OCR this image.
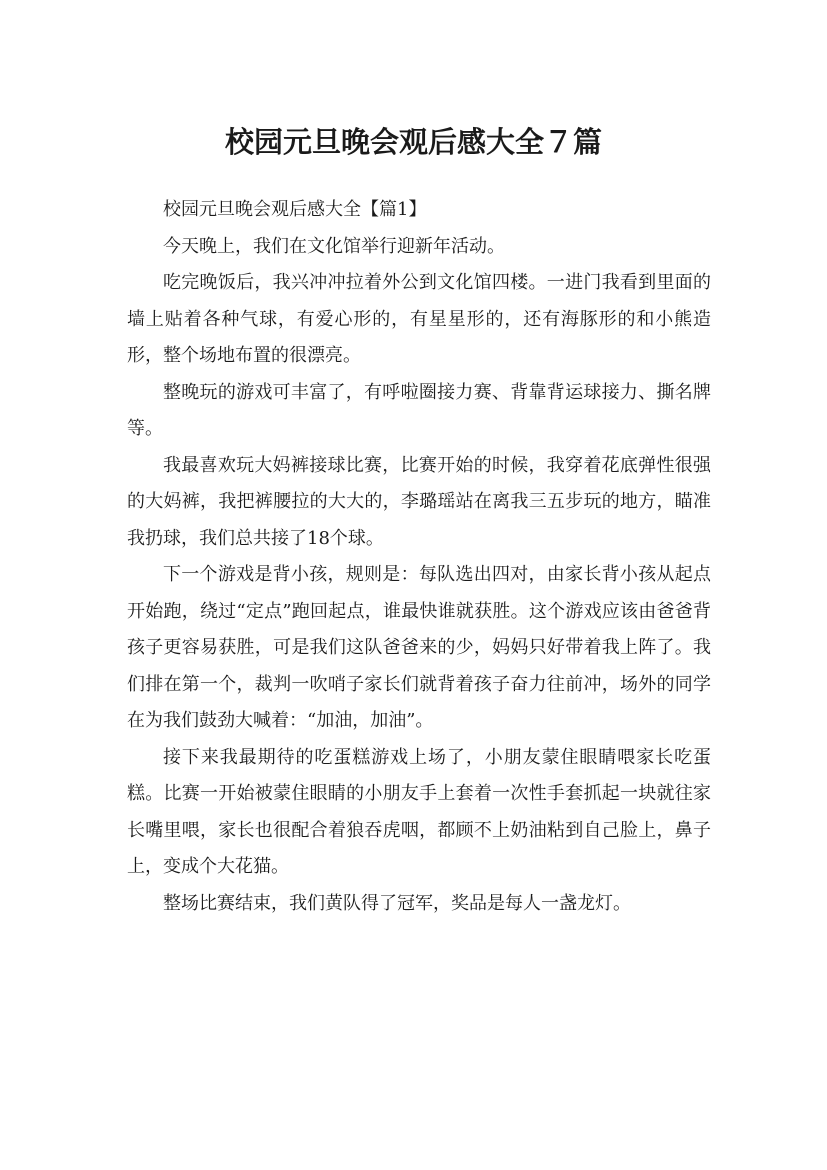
校园元旦晚会观后感大全７篇

校园元旦晚会观后感大全【篇1】

今天晚上，我们在文化馆举行迎新年活动。

吃完晚饭后，我兴冲冲拉着外公到文化馆四楼。一进门我看到里面的墙上贴着各种气球，有爱心形的，有星星形的，还有海豚形的和小熊造形，整个场地布置的很漂亮。

整晚玩的游戏可丰富了，有呼啦圈接力赛、背靠背运球接力、撕名牌等。

我最喜欢玩大妈裤接球比赛，比赛开始的时候，我穿着花底弹性很强的大妈裤，我把裤腰拉的大大的，李璐瑶站在离我三五步玩的地方，瞄准我扔球，我们总共接了18个球。

下一个游戏是背小孩，规则是：每队选出四对，由家长背小孩从起点开始跑，绕过“定点”跑回起点，谁最快谁就获胜。这个游戏应该由爸爸背孩子更容易获胜，可是我们这队爸爸来的少，妈妈只好带着我上阵了。我们排在第一个，裁判一吹哨子家长们就背着孩子奋力往前冲，场外的同学在为我们鼓劲大喊着：“加油，加油”。

接下来我最期待的吃蛋糕游戏上场了，小朋友蒙住眼睛喂家长吃蛋糕。比赛一开始被蒙住眼睛的小朋友手上套着一次性手套抓起一块就往家长嘴里喂，家长也很配合着狼吞虎咽，都顾不上奶油粘到自己脸上，鼻子上，变成个大花猫。

整场比赛结束，我们黄队得了冠军，奖品是每人一盏龙灯。
